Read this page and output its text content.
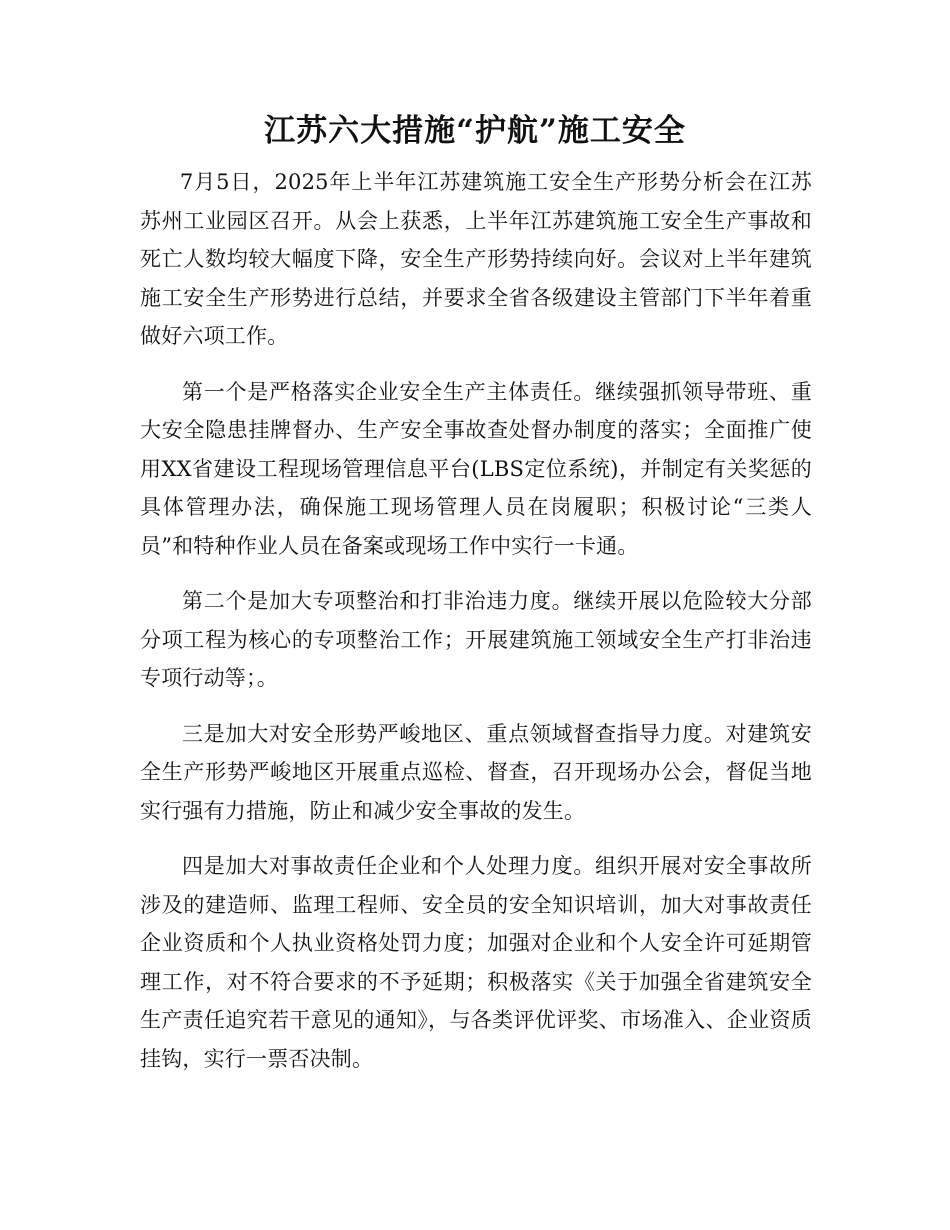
江苏六大措施“护航”施工安全

7月5日，2025年上半年江苏建筑施工安全生产形势分析会在江苏苏州工业园区召开。从会上获悉，上半年江苏建筑施工安全生产事故和死亡人数均较大幅度下降，安全生产形势持续向好。会议对上半年建筑施工安全生产形势进行总结，并要求全省各级建设主管部门下半年着重做好六项工作。

第一个是严格落实企业安全生产主体责任。继续强抓领导带班、重大安全隐患挂牌督办、生产安全事故查处督办制度的落实；全面推广使用XX省建设工程现场管理信息平台(LBS定位系统)，并制定有关奖惩的具体管理办法，确保施工现场管理人员在岗履职；积极讨论“三类人员”和特种作业人员在备案或现场工作中实行一卡通。

第二个是加大专项整治和打非治违力度。继续开展以危险较大分部分项工程为核心的专项整治工作；开展建筑施工领域安全生产打非治违专项行动等；。

三是加大对安全形势严峻地区、重点领域督查指导力度。对建筑安全生产形势严峻地区开展重点巡检、督查，召开现场办公会，督促当地实行强有力措施，防止和减少安全事故的发生。

四是加大对事故责任企业和个人处理力度。组织开展对安全事故所涉及的建造师、监理工程师、安全员的安全知识培训，加大对事故责任企业资质和个人执业资格处罚力度；加强对企业和个人安全许可延期管理工作，对不符合要求的不予延期；积极落实《关于加强全省建筑安全生产责任追究若干意见的通知》，与各类评优评奖、市场准入、企业资质挂钩，实行一票否决制。
